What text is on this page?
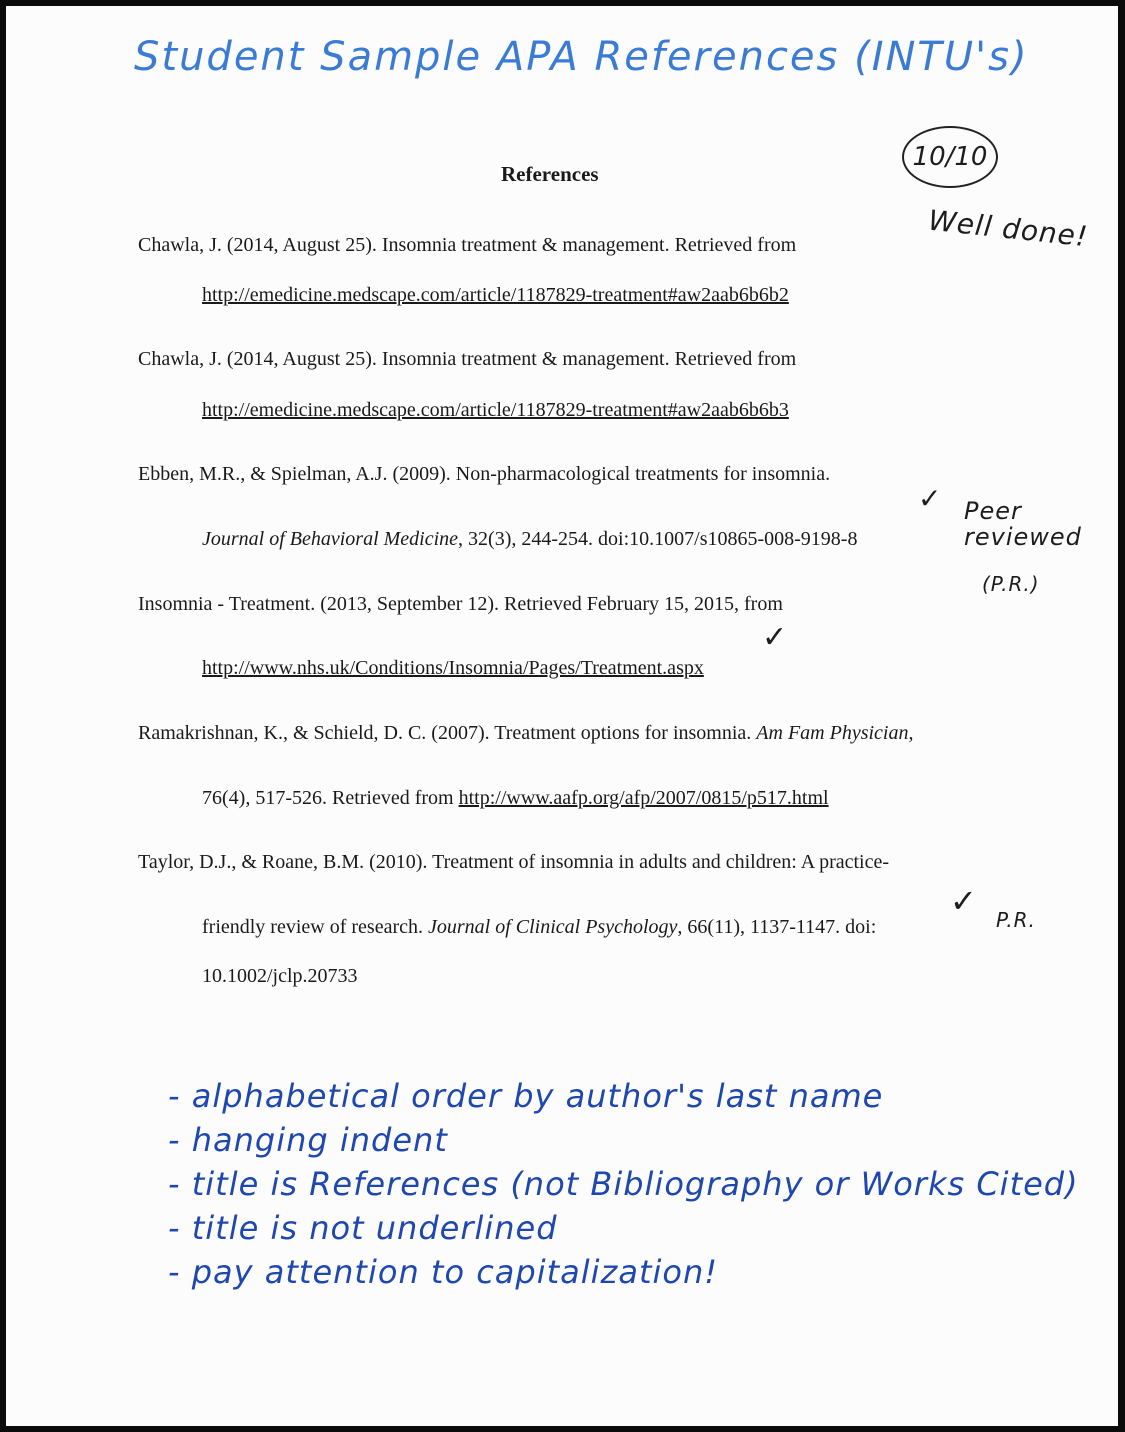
Student Sample APA References (INTU's)
10/10
Well done!
References
Chawla, J. (2014, August 25). Insomnia treatment & management. Retrieved from
http://emedicine.medscape.com/article/1187829-treatment#aw2aab6b6b2
Chawla, J. (2014, August 25). Insomnia treatment & management. Retrieved from
http://emedicine.medscape.com/article/1187829-treatment#aw2aab6b6b3
Ebben, M.R., & Spielman, A.J. (2009). Non-pharmacological treatments for insomnia.
Journal of Behavioral Medicine, 32(3), 244-254. doi:10.1007/s10865-008-9198-8
✓ Peer reviewed
(P.R.)
Insomnia - Treatment. (2013, September 12). Retrieved February 15, 2015, from
✓
http://www.nhs.uk/Conditions/Insomnia/Pages/Treatment.aspx
Ramakrishnan, K., & Schield, D. C. (2007). Treatment options for insomnia. Am Fam Physician,
76(4), 517-526. Retrieved from http://www.aafp.org/afp/2007/0815/p517.html
Taylor, D.J., & Roane, B.M. (2010). Treatment of insomnia in adults and children: A practice-
friendly review of research. Journal of Clinical Psychology, 66(11), 1137-1147. doi:
10.1002/jclp.20733
✓ P.R.
- alphabetical order by author's last name
- hanging indent
- title is References (not Bibliography or Works Cited)
- title is not underlined
- pay attention to capitalization!
